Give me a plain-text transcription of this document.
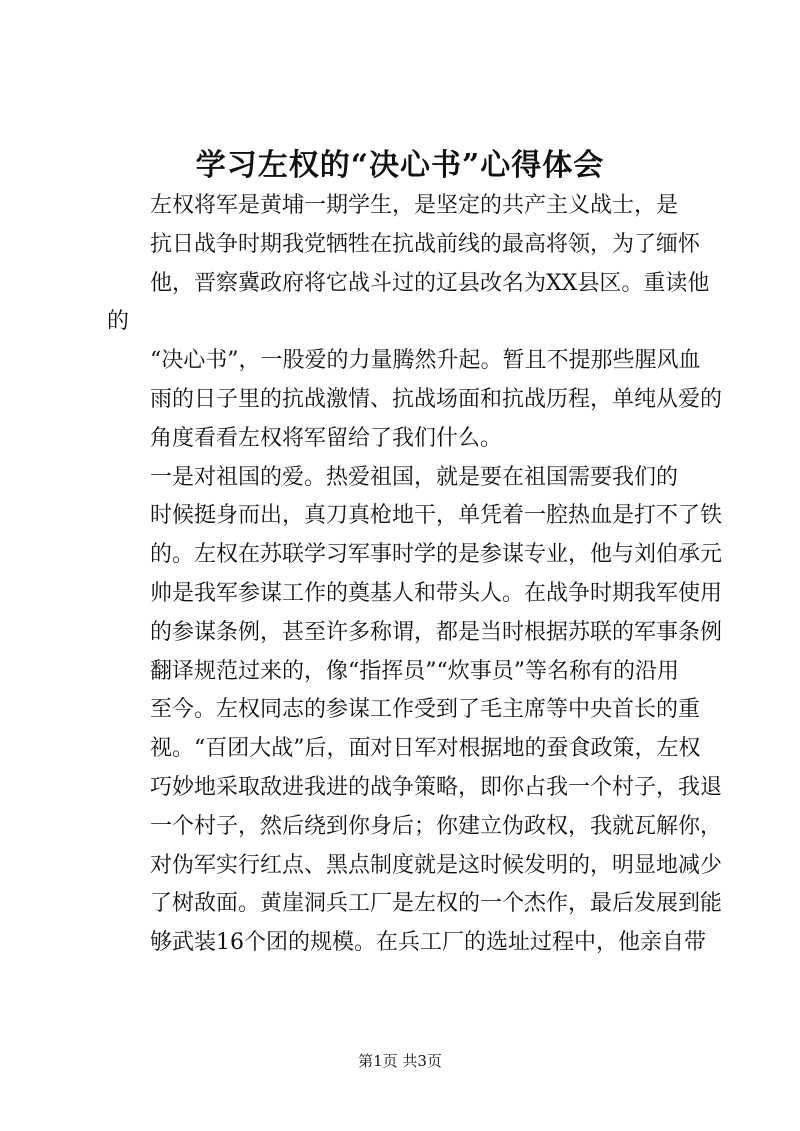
学习左权的“决心书”心得体会
左权将军是黄埔一期学生，是坚定的共产主义战士，是
抗日战争时期我党牺牲在抗战前线的最高将领，为了缅怀
他，晋察冀政府将它战斗过的辽县改名为XX县区。重读他
的
“决心书”，一股爱的力量腾然升起。暂且不提那些腥风血
雨的日子里的抗战激情、抗战场面和抗战历程，单纯从爱的
角度看看左权将军留给了我们什么。
一是对祖国的爱。热爱祖国，就是要在祖国需要我们的
时候挺身而出，真刀真枪地干，单凭着一腔热血是打不了铁
的。左权在苏联学习军事时学的是参谋专业，他与刘伯承元
帅是我军参谋工作的奠基人和带头人。在战争时期我军使用
的参谋条例，甚至许多称谓，都是当时根据苏联的军事条例
翻译规范过来的，像“指挥员”“炊事员”等名称有的沿用
至今。左权同志的参谋工作受到了毛主席等中央首长的重
视。“百团大战”后，面对日军对根据地的蚕食政策，左权
巧妙地采取敌进我进的战争策略，即你占我一个村子，我退
一个村子，然后绕到你身后；你建立伪政权，我就瓦解你，
对伪军实行红点、黑点制度就是这时候发明的，明显地减少
了树敌面。黄崖洞兵工厂是左权的一个杰作，最后发展到能
够武装16个团的规模。在兵工厂的选址过程中，他亲自带
第1页 共3页
